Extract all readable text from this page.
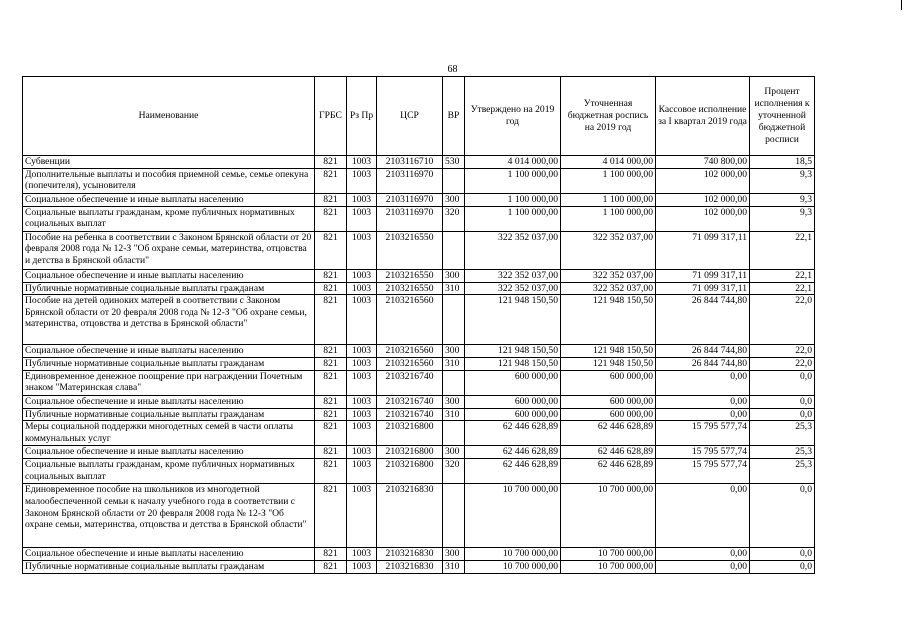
68
Наименование	ГРБС	Рз Пр	ЦСР	ВР	Утверждено на 2019 год	Уточненная бюджетная роспись на 2019 год	Кассовое исполнение за I квартал 2019 года	Процент исполнения к уточненной бюджетной росписи
Субвенции	821	1003	2103116710	530	4 014 000,00	4 014 000,00	740 800,00	18,5
Дополнительные выплаты и пособия приемной семье, семье опекуна (попечителя), усыновителя	821	1003	2103116970		1 100 000,00	1 100 000,00	102 000,00	9,3
Социальное обеспечение и иные выплаты населению	821	1003	2103116970	300	1 100 000,00	1 100 000,00	102 000,00	9,3
Социальные выплаты гражданам, кроме публичных нормативных социальных выплат	821	1003	2103116970	320	1 100 000,00	1 100 000,00	102 000,00	9,3
Пособие на ребенка в соответствии с Законом Брянской области от 20 февраля 2008 года № 12-З "Об охране семьи, материнства, отцовства и детства в Брянской области"	821	1003	2103216550		322 352 037,00	322 352 037,00	71 099 317,11	22,1
Социальное обеспечение и иные выплаты населению	821	1003	2103216550	300	322 352 037,00	322 352 037,00	71 099 317,11	22,1
Публичные нормативные социальные выплаты гражданам	821	1003	2103216550	310	322 352 037,00	322 352 037,00	71 099 317,11	22,1
Пособие на детей одиноких матерей в соответствии с Законом Брянской области от 20 февраля 2008 года № 12-З "Об охране семьи, материнства, отцовства и детства в Брянской области"	821	1003	2103216560		121 948 150,50	121 948 150,50	26 844 744,80	22,0
Социальное обеспечение и иные выплаты населению	821	1003	2103216560	300	121 948 150,50	121 948 150,50	26 844 744,80	22,0
Публичные нормативные социальные выплаты гражданам	821	1003	2103216560	310	121 948 150,50	121 948 150,50	26 844 744,80	22,0
Единовременное денежное поощрение при награждении Почетным знаком "Материнская слава"	821	1003	2103216740		600 000,00	600 000,00	0,00	0,0
Социальное обеспечение и иные выплаты населению	821	1003	2103216740	300	600 000,00	600 000,00	0,00	0,0
Публичные нормативные социальные выплаты гражданам	821	1003	2103216740	310	600 000,00	600 000,00	0,00	0,0
Меры социальной поддержки многодетных семей в части оплаты коммунальных услуг	821	1003	2103216800		62 446 628,89	62 446 628,89	15 795 577,74	25,3
Социальное обеспечение и иные выплаты населению	821	1003	2103216800	300	62 446 628,89	62 446 628,89	15 795 577,74	25,3
Социальные выплаты гражданам, кроме публичных нормативных социальных выплат	821	1003	2103216800	320	62 446 628,89	62 446 628,89	15 795 577,74	25,3
Единовременное пособие на школьников из многодетной малообеспеченной семьи к началу учебного года в соответствии с Законом Брянской области от 20 февраля 2008 года № 12-З "Об охране семьи, материнства, отцовства и детства в Брянской области"	821	1003	2103216830		10 700 000,00	10 700 000,00	0,00	0,0
Социальное обеспечение и иные выплаты населению	821	1003	2103216830	300	10 700 000,00	10 700 000,00	0,00	0,0
Публичные нормативные социальные выплаты гражданам	821	1003	2103216830	310	10 700 000,00	10 700 000,00	0,00	0,0
